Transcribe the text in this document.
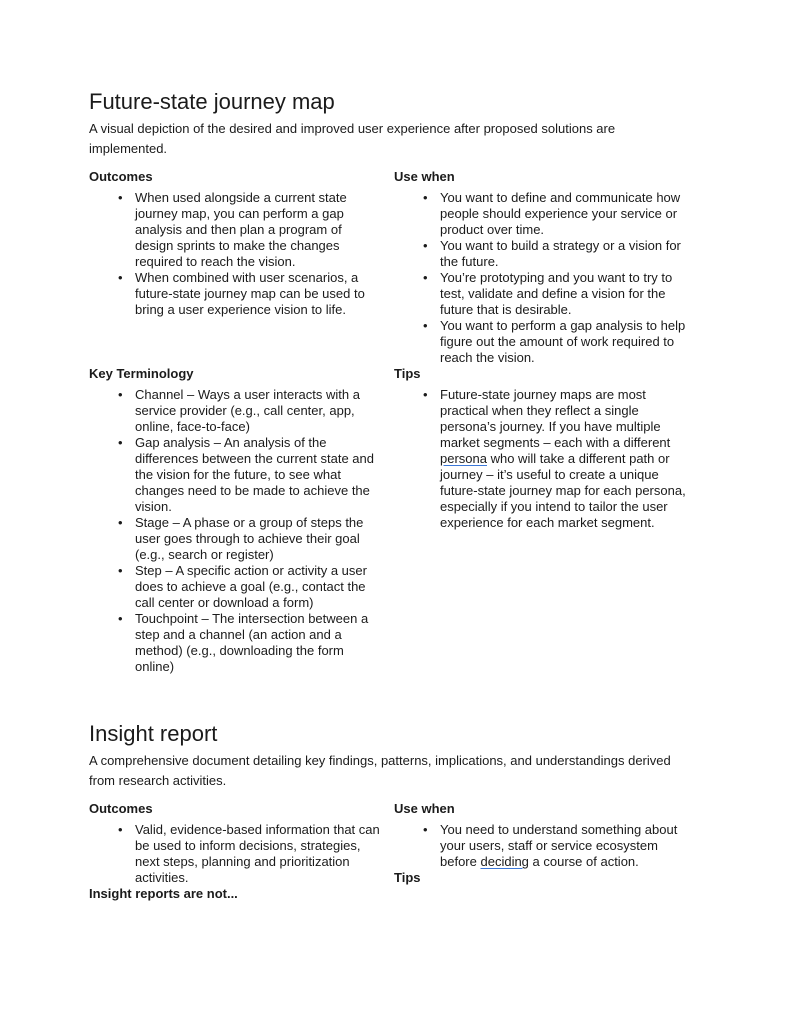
Future-state journey map

A visual depiction of the desired and improved user experience after proposed solutions are implemented.

Outcomes
• When used alongside a current state journey map, you can perform a gap analysis and then plan a program of design sprints to make the changes required to reach the vision.
• When combined with user scenarios, a future-state journey map can be used to bring a user experience vision to life.
Use when
• You want to define and communicate how people should experience your service or product over time.
• You want to build a strategy or a vision for the future.
• You’re prototyping and you want to try to test, validate and define a vision for the future that is desirable.
• You want to perform a gap analysis to help figure out the amount of work required to reach the vision.
Key Terminology
• Channel – Ways a user interacts with a service provider (e.g., call center, app, online, face-to-face)
• Gap analysis – An analysis of the differences between the current state and the vision for the future, to see what changes need to be made to achieve the vision.
• Stage – A phase or a group of steps the user goes through to achieve their goal (e.g., search or register)
• Step – A specific action or activity a user does to achieve a goal (e.g., contact the call center or download a form)
• Touchpoint – The intersection between a step and a channel (an action and a method) (e.g., downloading the form online)
Tips
• Future-state journey maps are most practical when they reflect a single persona’s journey. If you have multiple market segments – each with a different persona who will take a different path or journey – it’s useful to create a unique future-state journey map for each persona, especially if you intend to tailor the user experience for each market segment.
Insight report

A comprehensive document detailing key findings, patterns, implications, and understandings derived from research activities.

Outcomes
• Valid, evidence-based information that can be used to inform decisions, strategies, next steps, planning and prioritization activities.
Insight reports are not...
Use when
• You need to understand something about your users, staff or service ecosystem before deciding a course of action.
Tips
